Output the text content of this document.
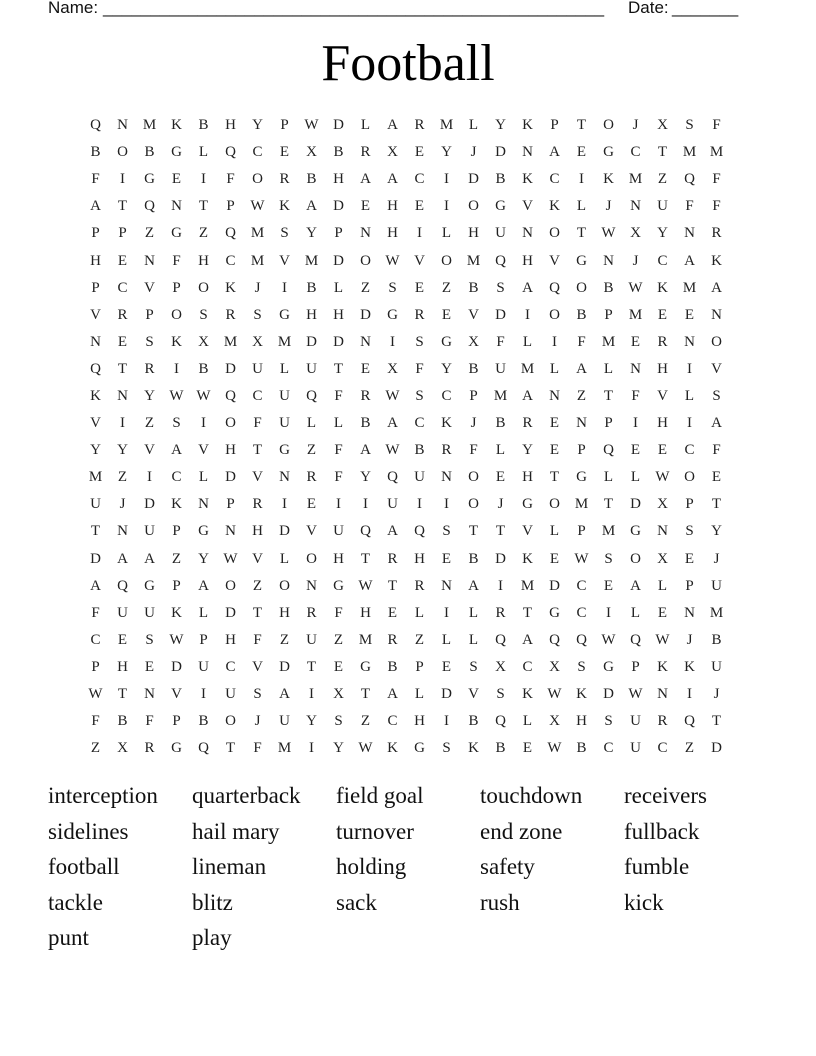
Name: _____________________________________________________ Date: _______
Football
Q	N M K	B	H	Y	P	W D	L	A	R	M	L	Y	K	P	T	O	J	X	S	F
B	O	B	G	L	Q	C	E	X	B	R	X	E	Y	J	D	N	A	E	G	C	T	M M
F	I	G	E	I	F	O	R	B	H	A	A	C	I	D	B	K	C	I	K M	Z	Q	F
A	T	Q	N	T	P	W K	A	D	E	H	E	I	O	G	V	K	L	J	N	U	F	F
P	P	Z	G	Z	Q M	S	Y	P	N	H	I	L	H	U	N	O	T	W X	Y	N	R
H	E	N	F	H	C	M V M D	O W V	O M Q	H	V	G	N	J	C	A	K
P	C	V	P	O	K	J	I	B	L	Z	S	E	Z	B	S	A	Q	O	B W K M A
V	R	P	O	S	R	S	G	H	H	D	G	R	E	V	D	I	O	B	P	M	E	E	N
N	E	S	K	X M X M D	D	N	I	S	G	X	F	L	I	F	M	E	R	N	O
Q	T	R	I	B	D	U	L	U	T	E	X	F	Y	B	U M	L	A	L	N	H	I	V
K	N	Y W W Q	C	U	Q	F	R W	S	C	P	M A	N	Z	T	F	V	L	S
V	I	Z	S	I	O	F	U	L	L	B	A	C	K	J	B	R	E	N	P	I	H	I	A
Y	Y	V	A	V	H	T	G	Z	F	A W B	R	F	L	Y	E	P	Q	E	E	C	F
M	Z	I	C	L	D	V	N	R	F	Y	Q	U	N	O	E	H	T	G	L	L	W O	E
U	J	D	K	N	P	R	I	E	I	I	U	I	I	O	J	G	O M	T	D	X	P	T
T	N	U	P	G	N	H	D	V	U	Q	A	Q	S	T	T	V	L	P	M G	N	S	Y
D	A	A	Z	Y W V	L	O	H	T	R	H	E	B	D	K	E	W	S	O	X	E	J
A	Q	G	P	A	O	Z	O	N	G W	T	R	N	A	I	M D	C	E	A	L	P	U
F	U	U	K	L	D	T	H	R	F	H	E	L	I	L	R	T	G	C	I	L	E	N M
C	E	S	W	P	H	F	Z	U	Z	M	R	Z	L	L	Q	A	Q	Q W Q W	J	B
P	H	E	D	U	C	V	D	T	E	G	B	P	E	S	X	C	X	S	G	P	K	K	U
W	T	N	V	I	U	S	A	I	X	T	A	L	D	V	S	K W K	D W N	I	J
F	B	F	P	B	O	J	U	Y	S	Z	C	H	I	B	Q	L	X	H	S	U	R	Q	T
Z	X	R	G	Q	T	F	M	I	Y W K	G	S	K	B	E	W B	C	U	C	Z	D
interception	quarterback	field goal	touchdown	receivers
sidelines	hail mary	turnover	end zone	fullback
football	lineman	holding	safety	fumble
tackle	blitz	sack	rush	kick
punt	play
